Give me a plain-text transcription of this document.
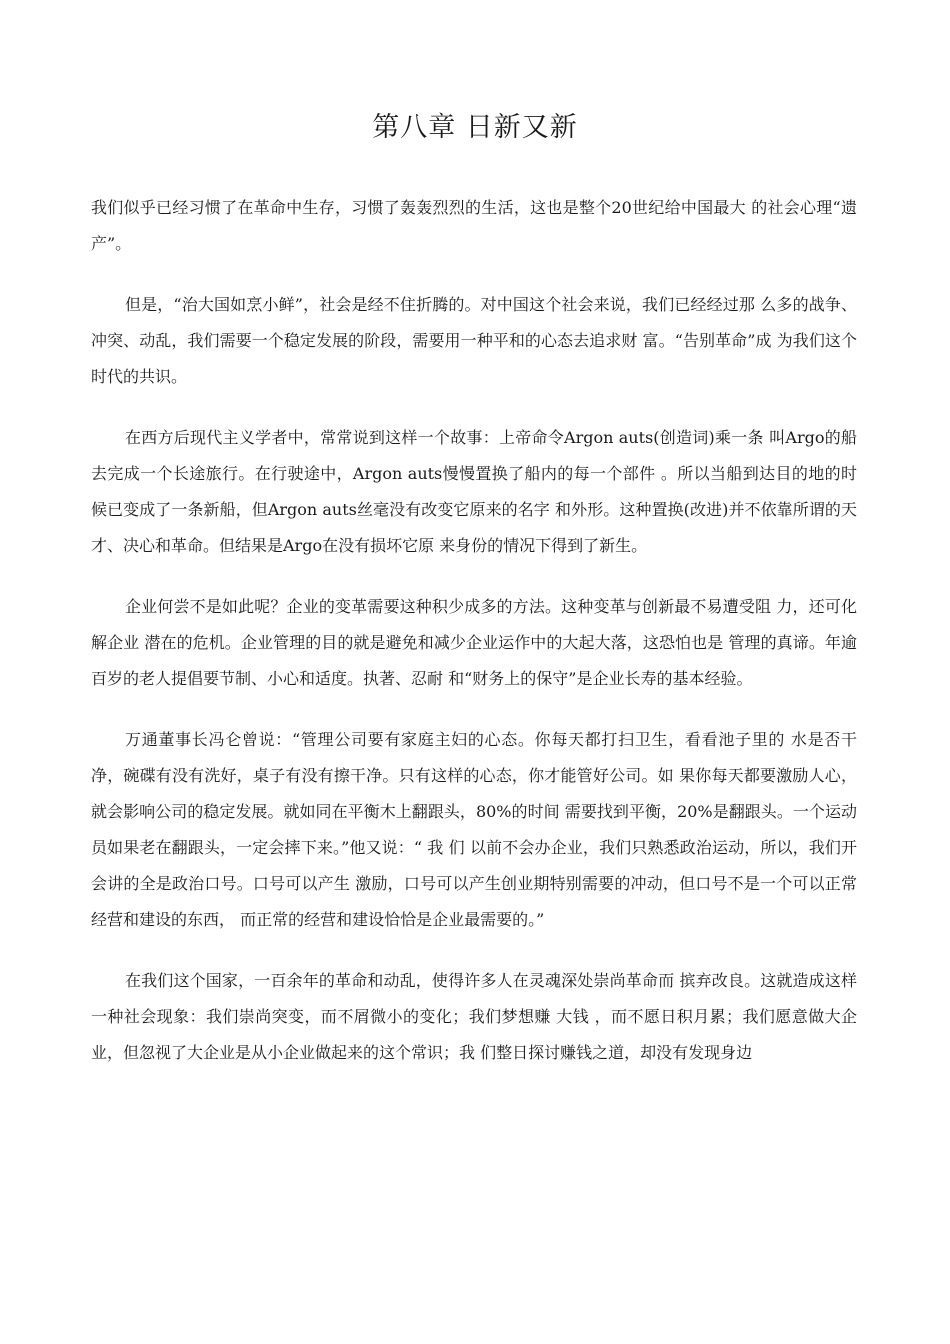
第八章 日新又新

我们似乎已经习惯了在革命中生存，习惯了轰轰烈烈的生活，这也是整个20世纪给中国最大 的社会心理“遗产”。

但是，“治大国如烹小鲜”，社会是经不住折腾的。对中国这个社会来说，我们已经经过那 么多的战争、冲突、动乱，我们需要一个稳定发展的阶段，需要用一种平和的心态去追求财 富。“告别革命”成 为我们这个时代的共识。

在西方后现代主义学者中，常常说到这样一个故事：上帝命令Argon auts(创造词)乘一条 叫Argo的船去完成一个长途旅行。在行驶途中，Argon auts慢慢置换了船内的每一个部件 。所以当船到达目的地的时候已变成了一条新船，但Argon auts丝毫没有改变它原来的名字 和外形。这种置换(改进)并不依靠所谓的天才、决心和革命。但结果是Argo在没有损坏它原 来身份的情况下得到了新生。

企业何尝不是如此呢？企业的变革需要这种积少成多的方法。这种变革与创新最不易遭受阻 力，还可化解企业 潜在的危机。企业管理的目的就是避免和减少企业运作中的大起大落，这恐怕也是 管理的真谛。年逾百岁的老人提倡要节制、小心和适度。执著、忍耐 和“财务上的保守”是企业长寿的基本经验。

万通董事长冯仑曾说：“管理公司要有家庭主妇的心态。你每天都打扫卫生，看看池子里的 水是否干净，碗碟有没有洗好，桌子有没有擦干净。只有这样的心态，你才能管好公司。如 果你每天都要激励人心，就会影响公司的稳定发展。就如同在平衡木上翻跟头，80%的时间 需要找到平衡，20%是翻跟头。一个运动员如果老在翻跟头，一定会摔下来。”他又说：“ 我 们 以前不会办企业，我们只熟悉政治运动，所以，我们开会讲的全是政治口号。口号可以产生 激励，口号可以产生创业期特别需要的冲动，但口号不是一个可以正常经营和建设的东西， 而正常的经营和建设恰恰是企业最需要的。”

在我们这个国家，一百余年的革命和动乱，使得许多人在灵魂深处崇尚革命而 摈弃改良。这就造成这样一种社会现象：我们崇尚突变，而不屑微小的变化；我们梦想赚 大钱 ，而不愿日积月累；我们愿意做大企业，但忽视了大企业是从小企业做起来的这个常识；我 们整日探讨赚钱之道，却没有发现身边
